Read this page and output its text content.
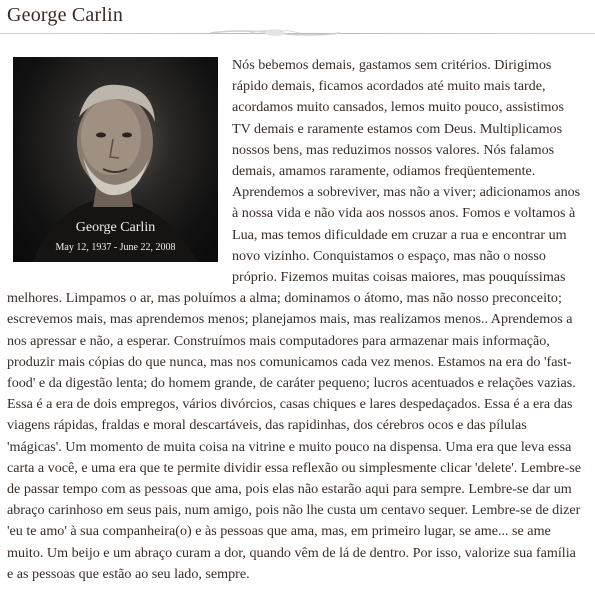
George Carlin
George Carlin
May 12, 1937 - June 22, 2008

Nós bebemos demais, gastamos sem critérios. Dirigimos rápido demais, ficamos acordados até muito mais tarde, acordamos muito cansados, lemos muito pouco, assistimos TV demais e raramente estamos com Deus. Multiplicamos nossos bens, mas reduzimos nossos valores. Nós falamos demais, amamos raramente, odiamos freqüentemente. Aprendemos a sobreviver, mas não a viver; adicionamos anos à nossa vida e não vida aos nossos anos. Fomos e voltamos à Lua, mas temos dificuldade em cruzar a rua e encontrar um novo vizinho. Conquistamos o espaço, mas não o nosso próprio. Fizemos muitas coisas maiores, mas pouquíssimas melhores. Limpamos o ar, mas poluímos a alma; dominamos o átomo, mas não nosso preconceito; escrevemos mais, mas aprendemos menos; planejamos mais, mas realizamos menos.. Aprendemos a nos apressar e não, a esperar. Construímos mais computadores para armazenar mais informação, produzir mais cópias do que nunca, mas nos comunicamos cada vez menos. Estamos na era do 'fast-food' e da digestão lenta; do homem grande, de caráter pequeno; lucros acentuados e relações vazias. Essa é a era de dois empregos, vários divórcios, casas chiques e lares despedaçados. Essa é a era das viagens rápidas, fraldas e moral descartáveis, das rapidinhas, dos cérebros ocos e das pílulas 'mágicas'. Um momento de muita coisa na vitrine e muito pouco na dispensa. Uma era que leva essa carta a você, e uma era que te permite dividir essa reflexão ou simplesmente clicar 'delete'. Lembre-se de passar tempo com as pessoas que ama, pois elas não estarão aqui para sempre. Lembre-se dar um abraço carinhoso em seus pais, num amigo, pois não lhe custa um centavo sequer. Lembre-se de dizer 'eu te amo' à sua companheira(o) e às pessoas que ama, mas, em primeiro lugar, se ame... se ame muito. Um beijo e um abraço curam a dor, quando vêm de lá de dentro. Por isso, valorize sua família e as pessoas que estão ao seu lado, sempre.
